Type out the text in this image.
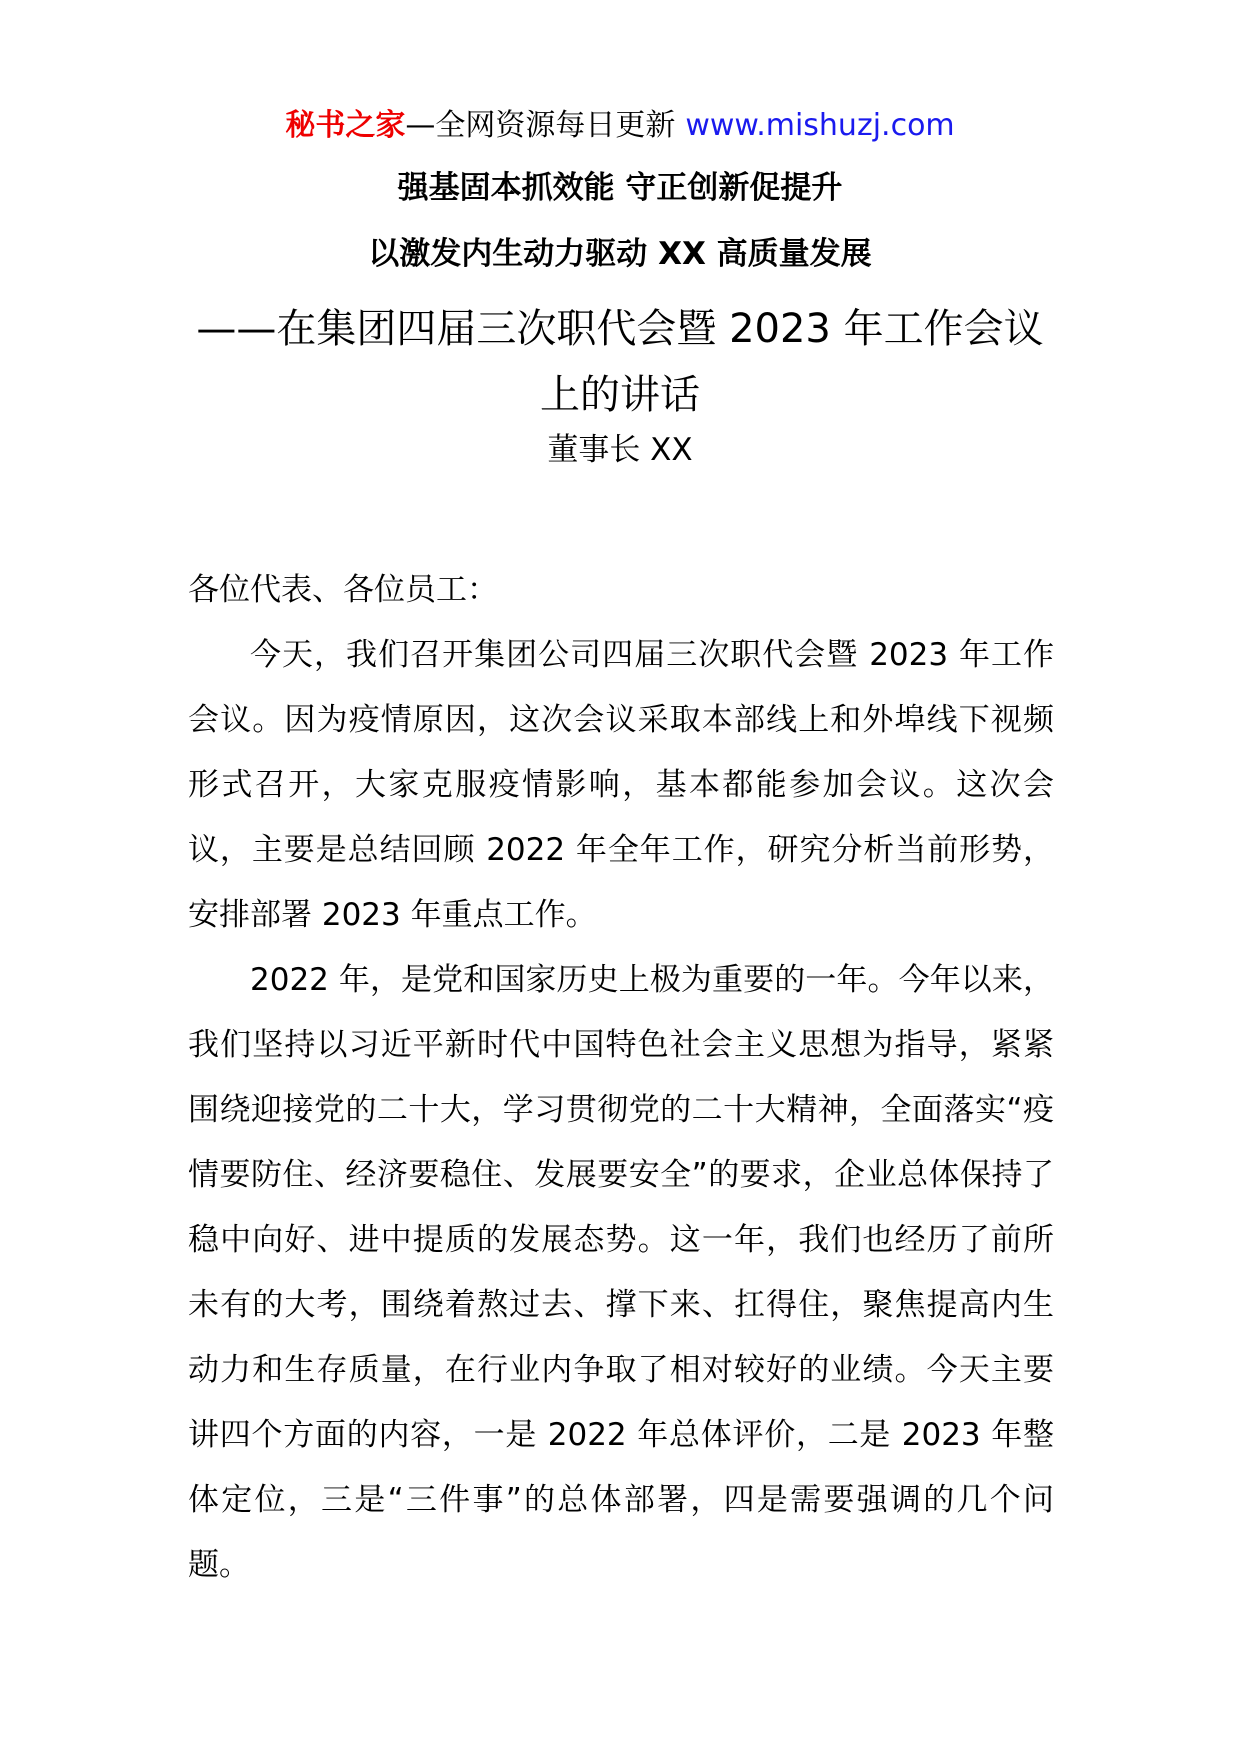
秘书之家—全网资源每日更新 www.mishuzj.com
强基固本抓效能 守正创新促提升
以激发内生动力驱动 XX 高质量发展
——在集团四届三次职代会暨 2023 年工作会议上的讲话
董事长 XX

各位代表、各位员工：

今天，我们召开集团公司四届三次职代会暨 2023 年工作会议。因为疫情原因，这次会议采取本部线上和外埠线下视频形式召开，大家克服疫情影响，基本都能参加会议。这次会议，主要是总结回顾 2022 年全年工作，研究分析当前形势，安排部署 2023 年重点工作。

2022 年，是党和国家历史上极为重要的一年。今年以来，我们坚持以习近平新时代中国特色社会主义思想为指导，紧紧围绕迎接党的二十大，学习贯彻党的二十大精神，全面落实“疫情要防住、经济要稳住、发展要安全”的要求，企业总体保持了稳中向好、进中提质的发展态势。这一年，我们也经历了前所未有的大考，围绕着熬过去、撑下来、扛得住，聚焦提高内生动力和生存质量，在行业内争取了相对较好的业绩。今天主要讲四个方面的内容，一是 2022 年总体评价，二是 2023 年整体定位，三是“三件事”的总体部署，四是需要强调的几个问题。
